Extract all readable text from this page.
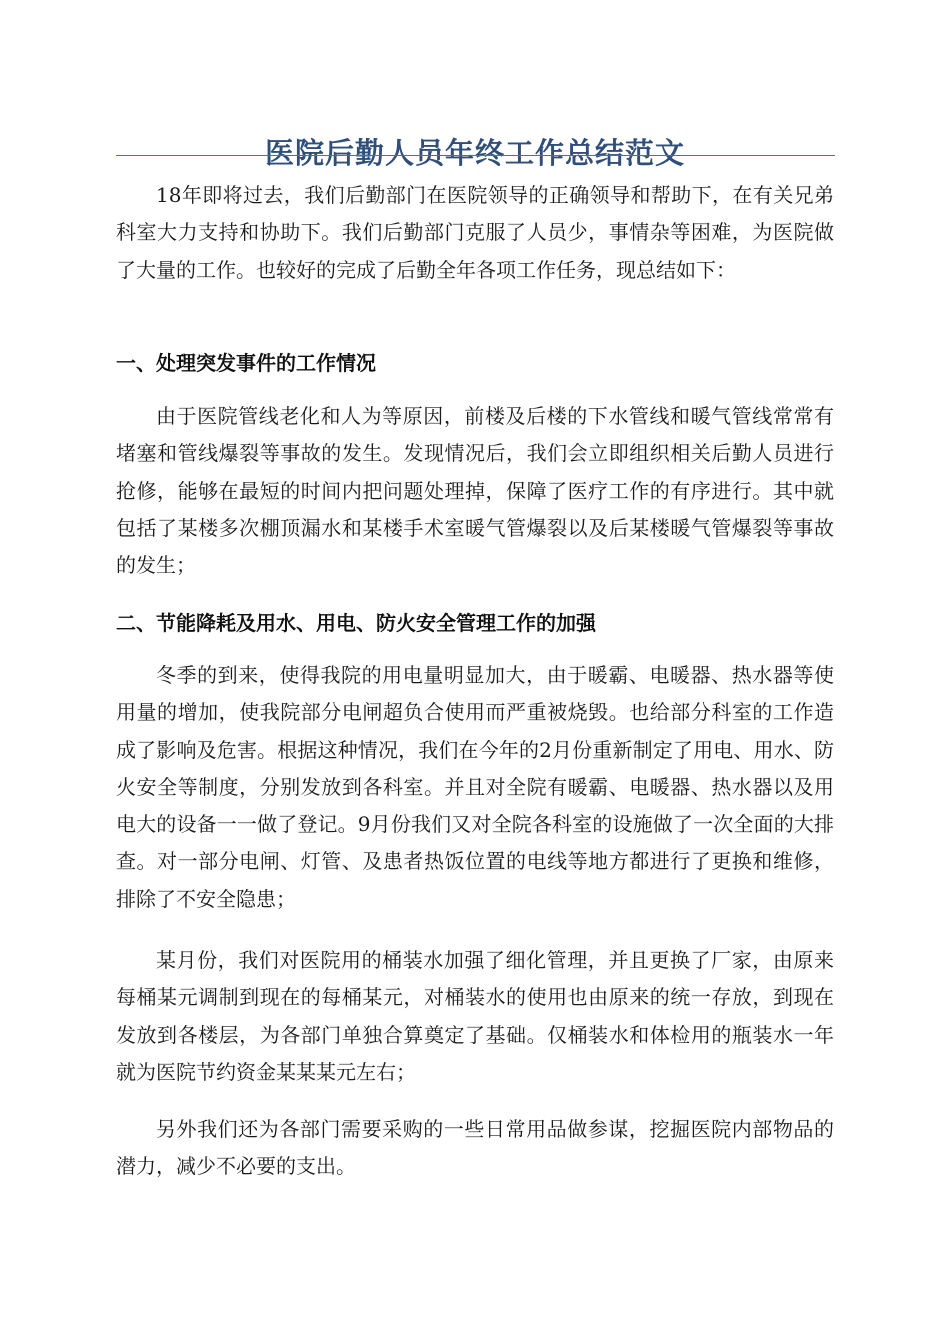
医院后勤人员年终工作总结范文

18年即将过去，我们后勤部门在医院领导的正确领导和帮助下，在有关兄弟科室大力支持和协助下。我们后勤部门克服了人员少，事情杂等困难，为医院做了大量的工作。也较好的完成了后勤全年各项工作任务，现总结如下：

一、处理突发事件的工作情况

由于医院管线老化和人为等原因，前楼及后楼的下水管线和暖气管线常常有堵塞和管线爆裂等事故的发生。发现情况后，我们会立即组织相关后勤人员进行抢修，能够在最短的时间内把问题处理掉，保障了医疗工作的有序进行。其中就包括了某楼多次棚顶漏水和某楼手术室暖气管爆裂以及后某楼暖气管爆裂等事故的发生；

二、节能降耗及用水、用电、防火安全管理工作的加强

冬季的到来，使得我院的用电量明显加大，由于暖霸、电暖器、热水器等使用量的增加，使我院部分电闸超负合使用而严重被烧毁。也给部分科室的工作造成了影响及危害。根据这种情况，我们在今年的2月份重新制定了用电、用水、防火安全等制度，分别发放到各科室。并且对全院有暖霸、电暖器、热水器以及用电大的设备一一做了登记。9月份我们又对全院各科室的设施做了一次全面的大排查。对一部分电闸、灯管、及患者热饭位置的电线等地方都进行了更换和维修，排除了不安全隐患；

某月份，我们对医院用的桶装水加强了细化管理，并且更换了厂家，由原来每桶某元调制到现在的每桶某元，对桶装水的使用也由原来的统一存放，到现在发放到各楼层，为各部门单独合算奠定了基础。仅桶装水和体检用的瓶装水一年就为医院节约资金某某某元左右；

另外我们还为各部门需要采购的一些日常用品做参谋，挖掘医院内部物品的潜力，减少不必要的支出。
